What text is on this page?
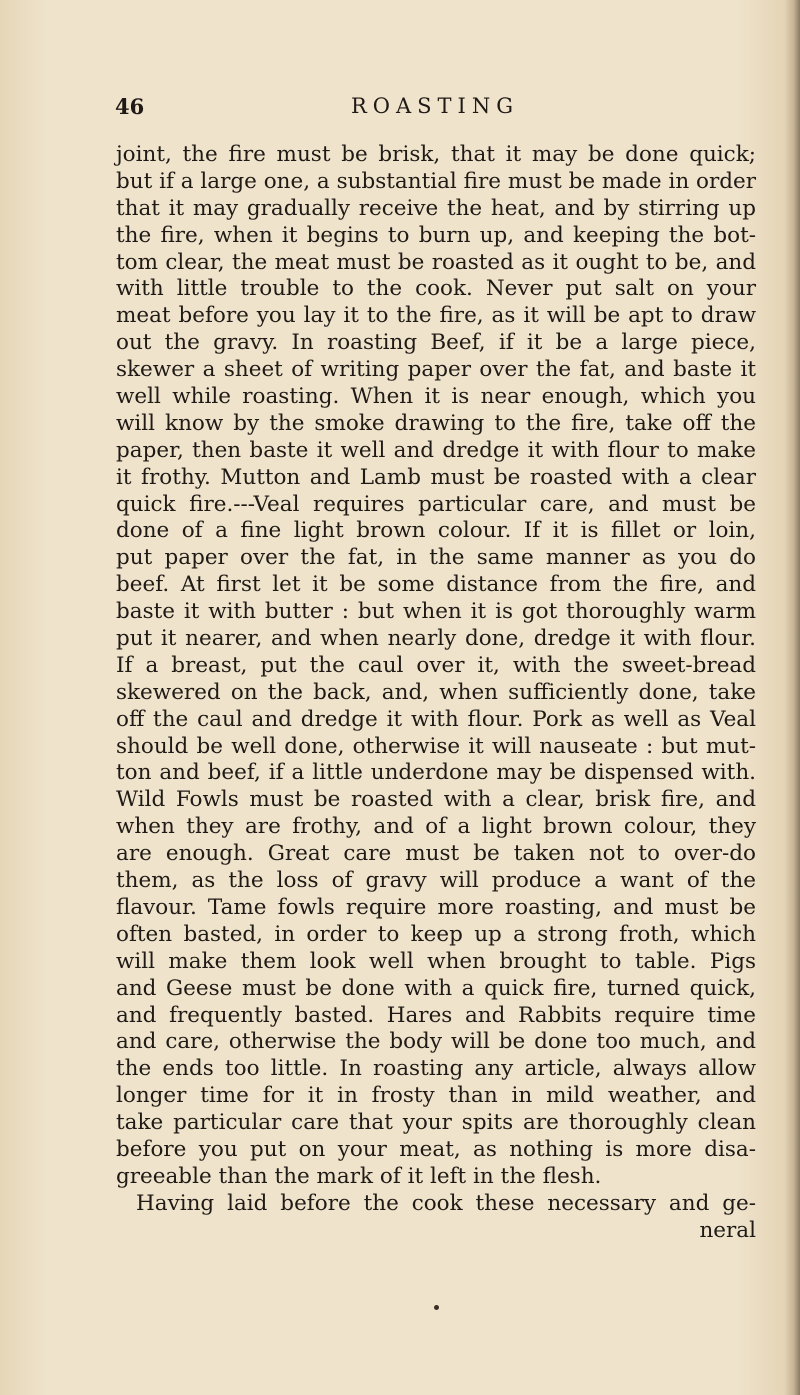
46	ROASTING
joint, the fire must be brisk, that it may be done quick;
but if a large one, a substantial fire must be made in order
that it may gradually receive the heat, and by stirring up
the fire, when it begins to burn up, and keeping the bot-
tom clear, the meat must be roasted as it ought to be, and
with little trouble to the cook. Never put salt on your
meat before you lay it to the fire, as it will be apt to draw
out the gravy. In roasting Beef, if it be a large piece,
skewer a sheet of writing paper over the fat, and baste it
well while roasting. When it is near enough, which you
will know by the smoke drawing to the fire, take off the
paper, then baste it well and dredge it with flour to make
it frothy. Mutton and Lamb must be roasted with a clear
quick fire.---Veal requires particular care, and must be
done of a fine light brown colour. If it is fillet or loin,
put paper over the fat, in the same manner as you do
beef. At first let it be some distance from the fire, and
baste it with butter : but when it is got thoroughly warm
put it nearer, and when nearly done, dredge it with flour.
If a breast, put the caul over it, with the sweet-bread
skewered on the back, and, when sufficiently done, take
off the caul and dredge it with flour. Pork as well as Veal
should be well done, otherwise it will nauseate : but mut-
ton and beef, if a little underdone may be dispensed with.
Wild Fowls must be roasted with a clear, brisk fire, and
when they are frothy, and of a light brown colour, they
are enough. Great care must be taken not to over-do
them, as the loss of gravy will produce a want of the
flavour. Tame fowls require more roasting, and must be
often basted, in order to keep up a strong froth, which
will make them look well when brought to table. Pigs
and Geese must be done with a quick fire, turned quick,
and frequently basted. Hares and Rabbits require time
and care, otherwise the body will be done too much, and
the ends too little. In roasting any article, always allow
longer time for it in frosty than in mild weather, and
take particular care that your spits are thoroughly clean
before you put on your meat, as nothing is more disa-
greeable than the mark of it left in the flesh.
Having laid before the cook these necessary and ge-
neral
